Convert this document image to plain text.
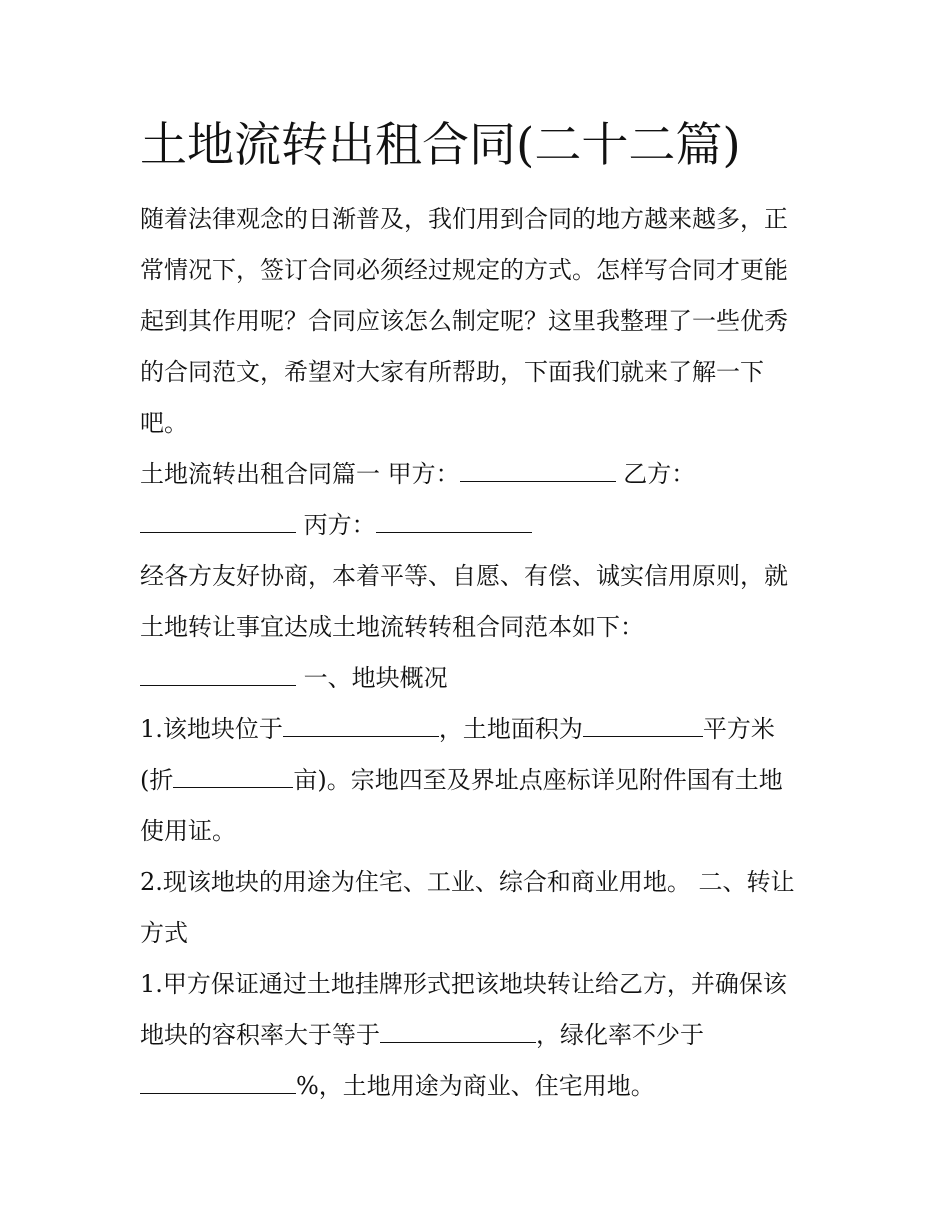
土地流转出租合同(二十二篇)

随着法律观念的日渐普及，我们用到合同的地方越来越多，正

常情况下，签订合同必须经过规定的方式。怎样写合同才更能

起到其作用呢？合同应该怎么制定呢？这里我整理了一些优秀

的合同范文，希望对大家有所帮助，下面我们就来了解一下

吧。

土地流转出租合同篇一 甲方：	乙方：

丙方：

经各方友好协商，本着平等、自愿、有偿、诚实信用原则，就

土地转让事宜达成土地流转转租合同范本如下：

一、地块概况

1.该地块位于	，土地面积为	平方米

(折	亩)。宗地四至及界址点座标详见附件国有土地

使用证。

2.现该地块的用途为住宅、工业、综合和商业用地。 二、转让

方式

1.甲方保证通过土地挂牌形式把该地块转让给乙方，并确保该

地块的容积率大于等于	，绿化率不少于

%，土地用途为商业、住宅用地。
